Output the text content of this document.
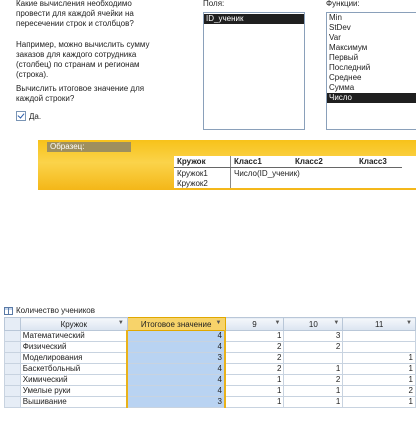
Какие вычисления необходимо
провести для каждой ячейки на
пересечении строк и столбцов?
Например, можно вычислить сумму
заказов для каждого сотрудника
(столбец) по странам и регионам
(строка).
Вычислить итоговое значение для
каждой строки?
Да.
Поля:
ID_ученик
Функции:
Min
StDev
Var
Максимум
Первый
Последний
Среднее
Сумма
Число
Образец:
Кружок	Класс1	Класс2	Класс3
Кружок1	Число(ID_ученик)		
Кружок2			
Количество учеников
	Кружок ▼	Итоговое значение ▼	9 ▼	10 ▼	11 ▼

	Математический	4	1	3	
	Физический	4	2	2	
	Моделирования	3	2		1
	Баскетбольный	4	2	1	1
	Химический	4	1	2	1
	Умелые руки	4	1	1	2
	Вышивание	3	1	1	1
